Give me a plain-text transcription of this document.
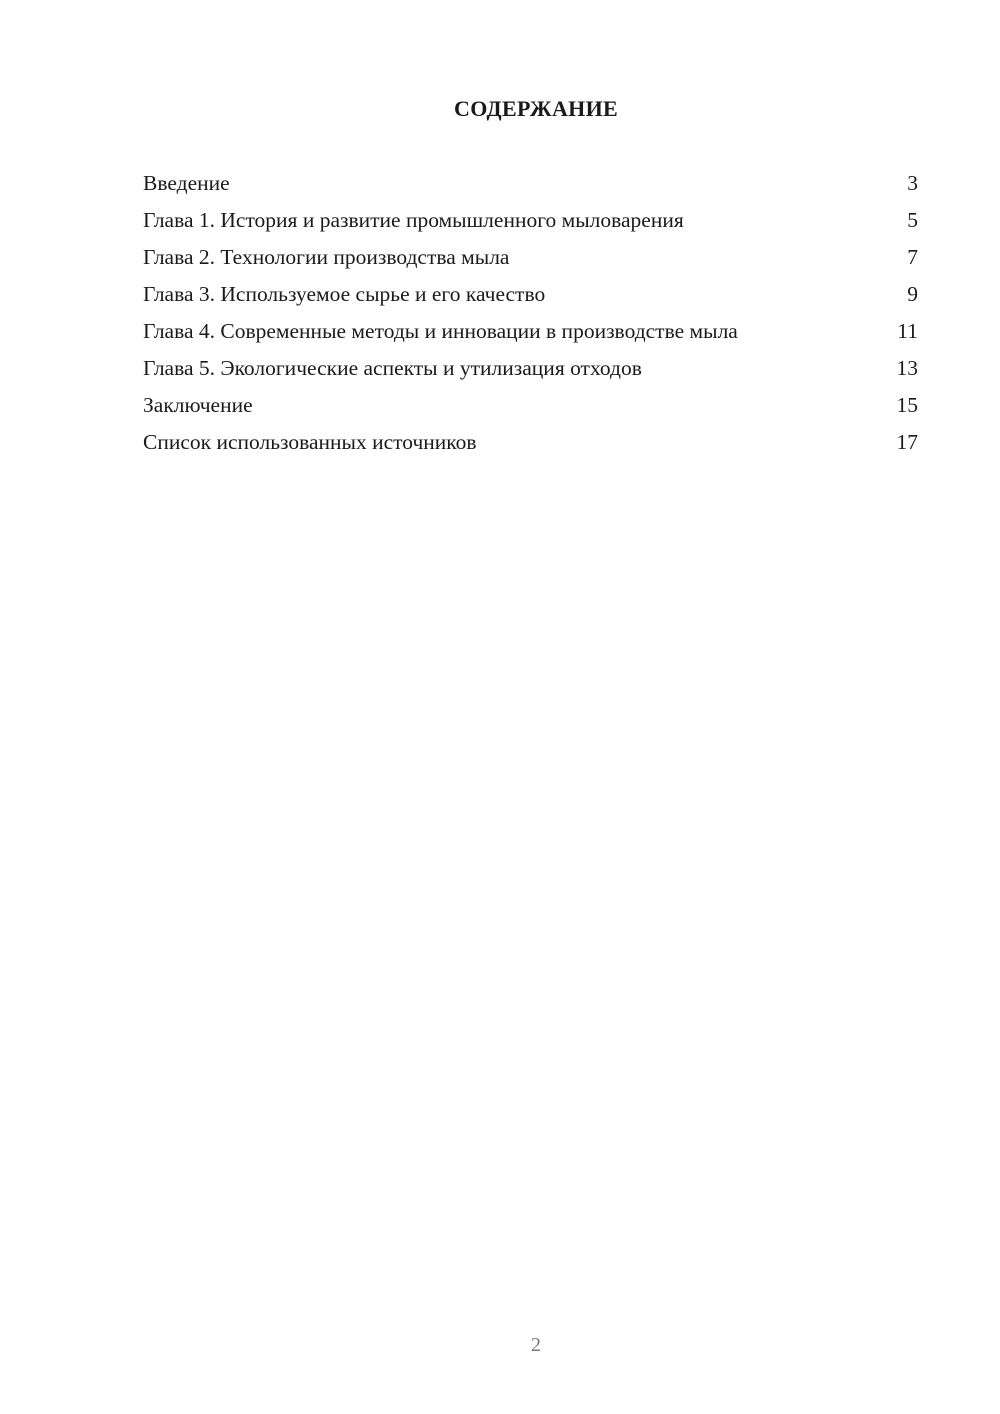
СОДЕРЖАНИЕ
Введение	3
Глава 1. История и развитие промышленного мыловарения	5
Глава 2. Технологии производства мыла	7
Глава 3. Используемое сырье и его качество	9
Глава 4. Современные методы и инновации в производстве мыла	11
Глава 5. Экологические аспекты и утилизация отходов	13
Заключение	15
Список использованных источников	17
2
